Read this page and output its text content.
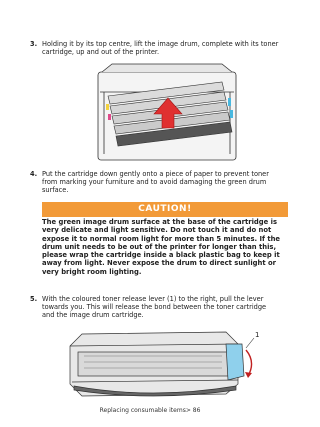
3. Holding it by its top centre, lift the image drum, complete with its toner cartridge, up and out of the printer.
4. Put the cartridge down gently onto a piece of paper to prevent toner from marking your furniture and to avoid damaging the green drum surface.
CAUTION!
The green image drum surface at the base of the cartridge is very delicate and light sensitive. Do not touch it and do not expose it to normal room light for more than 5 minutes. If the drum unit needs to be out of the printer for longer than this, please wrap the cartridge inside a black plastic bag to keep it away from light. Never expose the drum to direct sunlight or very bright room lighting.
5. With the coloured toner release lever (1) to the right, pull the lever towards you. This will release the bond between the toner cartridge and the image drum cartridge.
1
Replacing consumable items> 86
